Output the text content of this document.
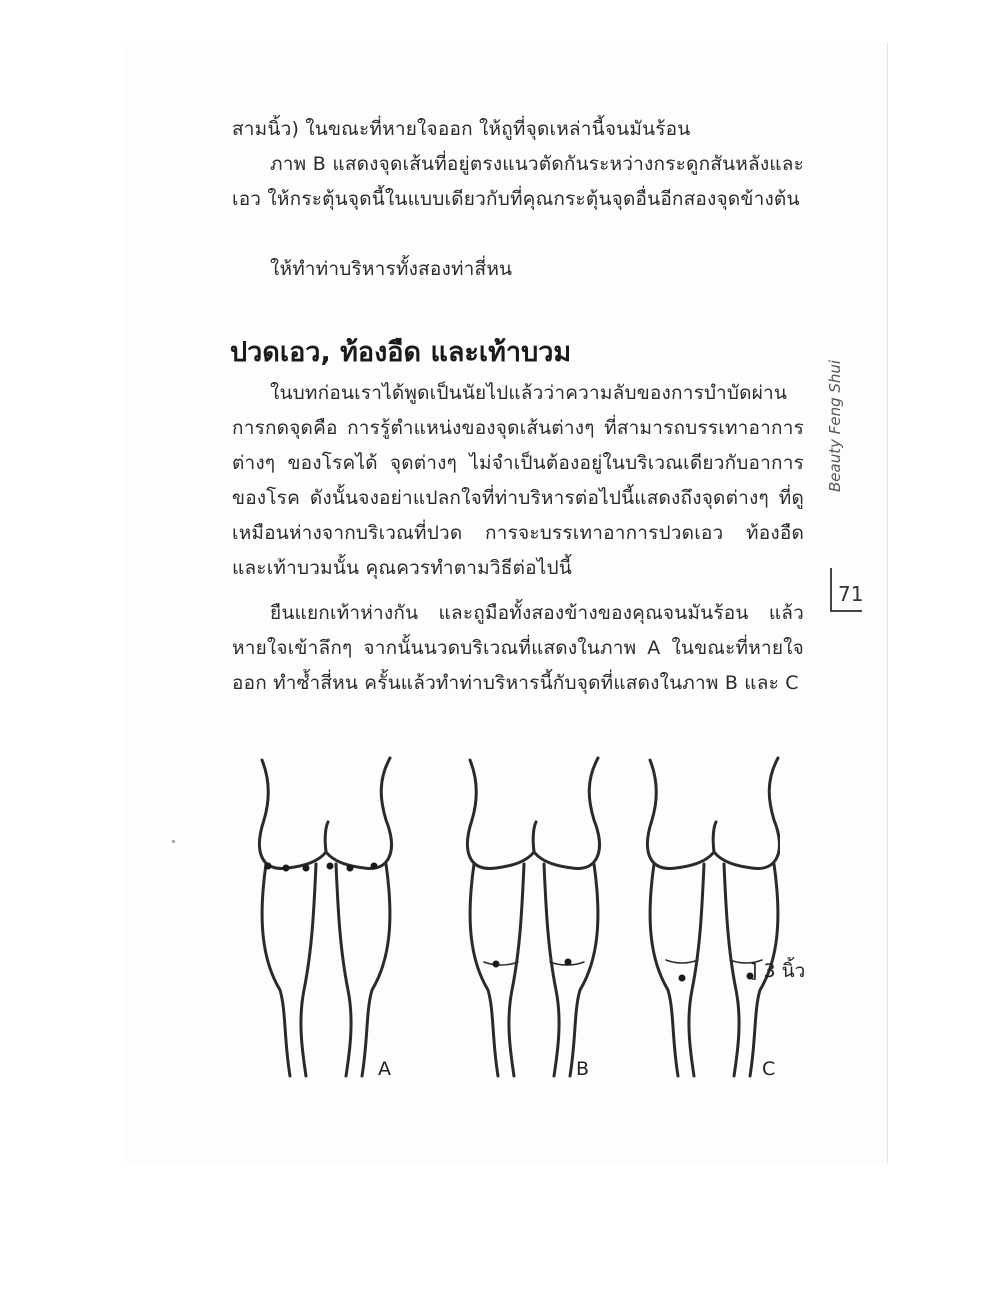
สามนิ้ว) ในขณะที่หายใจออก ให้ถูที่จุดเหล่านี้จนมันร้อน

ภาพ B แสดงจุดเส้นที่อยู่ตรงแนวตัดกันระหว่างกระดูกสันหลังและเอว ให้กระตุ้นจุดนี้ในแบบเดียวกับที่คุณกระตุ้นจุดอื่นอีกสองจุดข้างต้น

ให้ทำท่าบริหารทั้งสองท่าสี่หน

ปวดเอว, ท้องอืด และเท้าบวม

ในบทก่อนเราได้พูดเป็นนัยไปแล้วว่าความลับของการบำบัดผ่านการกดจุดคือ การรู้ตำแหน่งของจุดเส้นต่างๆ ที่สามารถบรรเทาอาการต่างๆ ของโรคได้ จุดต่างๆ ไม่จำเป็นต้องอยู่ในบริเวณเดียวกับอาการของโรค ดังนั้นจงอย่าแปลกใจที่ท่าบริหารต่อไปนี้แสดงถึงจุดต่างๆ ที่ดูเหมือนห่างจากบริเวณที่ปวด การจะบรรเทาอาการปวดเอว ท้องอืด และเท้าบวมนั้น คุณควรทำตามวิธีต่อไปนี้

ยืนแยกเท้าห่างกัน และถูมือทั้งสองข้างของคุณจนมันร้อน แล้วหายใจเข้าลึกๆ จากนั้นนวดบริเวณที่แสดงในภาพ A ในขณะที่หายใจออก ทำซ้ำสี่หน ครั้นแล้วทำท่าบริหารนี้กับจุดที่แสดงในภาพ B และ C

Beauty Feng Shui
71
A	B	C
] 3 นิ้ว
